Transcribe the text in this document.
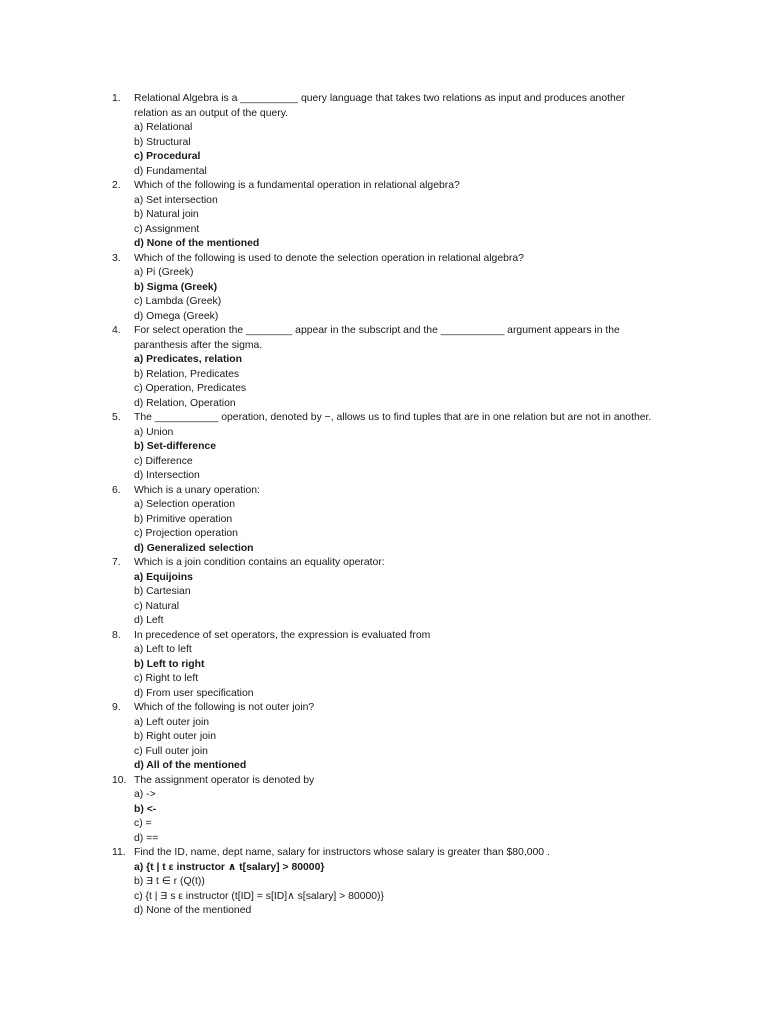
1.	Relational Algebra is a __________ query language that takes two relations as input and produces another
relation as an output of the query.
a) Relational
b) Structural
c) Procedural
d) Fundamental
2.	Which of the following is a fundamental operation in relational algebra?
a) Set intersection
b) Natural join
c) Assignment
d) None of the mentioned
3.	Which of the following is used to denote the selection operation in relational algebra?
a) Pi (Greek)
b) Sigma (Greek)
c) Lambda (Greek)
d) Omega (Greek)
4.	For select operation the ________ appear in the subscript and the ___________ argument appears in the
paranthesis after the sigma.
a) Predicates, relation
b) Relation, Predicates
c) Operation, Predicates
d) Relation, Operation
5.	The ___________ operation, denoted by −, allows us to find tuples that are in one relation but are not in another.
a) Union
b) Set-difference
c) Difference
d) Intersection
6.	Which is a unary operation:
a) Selection operation
b) Primitive operation
c) Projection operation
d) Generalized selection
7.	Which is a join condition contains an equality operator:
a) Equijoins
b) Cartesian
c) Natural
d) Left
8.	In precedence of set operators, the expression is evaluated from
a) Left to left
b) Left to right
c) Right to left
d) From user specification
9.	Which of the following is not outer join?
a) Left outer join
b) Right outer join
c) Full outer join
d) All of the mentioned
10. The assignment operator is denoted by
a) ->
b) <-
c) =
d) ==
11. Find the ID, name, dept name, salary for instructors whose salary is greater than $80,000 .
a) {t | t ε instructor ∧ t[salary] > 80000}
b) Ǝ t ∈ r (Q(t))
c) {t | Ǝ s ε instructor (t[ID] = s[ID]∧ s[salary] > 80000)}
d) None of the mentioned
